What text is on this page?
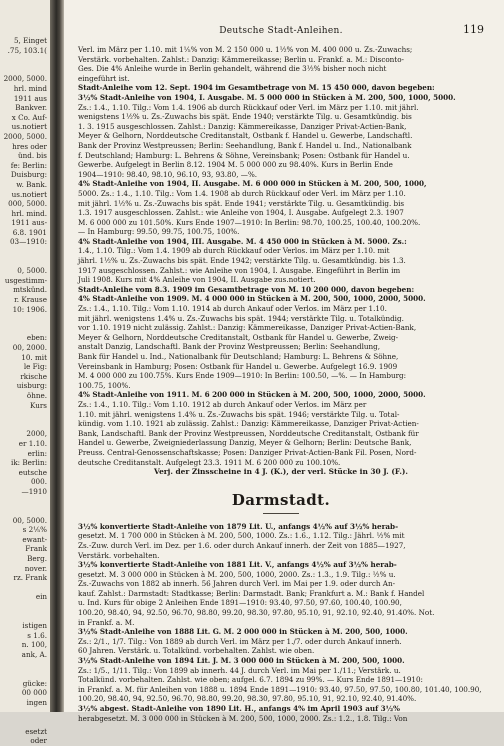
5, Einget
.75, 103.1(

2000, 5000.
hrl. mind
1911 aus
Bankver.
x Co. Auf-
us.notiert
2000, 5000.
hres oder
ünd. bis
fe: Berlin:
Duisburg:
w. Bank.
us.notiert
000, 5000.
hrl. mind.
1911 aus-
6.8. 1901
03—1910:

0, 5000.
usgestimm-
mtskünd.
r. Krause
10: 1906.

eben:
00, 2000.
10. mit
le Fig:
rkische
uisburg:
öhne.
Kurs

2000,
er 1.10.
erlin:
ik: Berlin:
eutsche
000.
—1910

00, 5000.
s 2⅕%
ewant-
Frank
Berg.
nover.
rz. Frank

ein

istigen
s 1.6.
n. 100,
ank, A.

gücke:
00 000
ingen

esetzt
oder
Deutsche Stadt-Anleihen.	119
Verl. im März per 1.10. mit 1⅕% von M. 2 150 000 u. 1½% von M. 400 000 u. Zs.-Zuwachs;
Verstärk. vorbehalten. Zahlst.: Danzig: Kämmereikasse; Berlin u. Frankf. a. M.: Disconto-
Ges. Die 4% Anleihe wurde in Berlin gehandelt, während die 3½% bisher noch nicht
eingeführt ist.
Stadt-Anleihe vom 12. Sept. 1904 im Gesamtbetrage von M. 15 450 000, davon begeben:
3½% Stadt-Anleihe von 1904, I. Ausgabe. M. 5 000 000 in Stücken à M. 200, 500, 1000, 5000.
Zs.: 1.4., 1.10. Tilg.: Vom 1.4. 1906 ab durch Rückkauf oder Verl. im März per 1.10. mit jährl.
wenigstens 1½% u. Zs.-Zuwachs bis spät. Ende 1940; verstärkte Tilg. u. Gesamtkündig. bis
1. 3. 1915 ausgeschlossen. Zahlst.: Danzig: Kämmereikasse, Danziger Privat-Actien-Bank,
Meyer & Gelhorn, Norddeutsche Creditanstalt, Ostbank f. Handel u. Gewerbe, Landschaftl.
Bank der Provinz Westpreussen; Berlin: Seehandlung, Bank f. Handel u. Ind., Nationalbank
f. Deutschland; Hamburg: L. Behrens & Söhne, Vereinsbank; Posen: Ostbank für Handel u.
Gewerbe. Aufgelegt in Berlin 8.12. 1904 M. 5 000 000 zu 98.40%. Kurs in Berlin Ende
1904—1910: 98.40, 98.10, 96.10, 93, 93.80, —%.
4% Stadt-Anleihe von 1904, II. Ausgabe. M. 6 000 000 in Stücken à M. 200, 500, 1000,
5000. Zs.: 1.4., 1.10. Tilg.: Vom 1.4. 1908 ab durch Rückkauf oder Verl. im März per 1.10.
mit jährl. 1½% u. Zs.-Zuwachs bis spät. Ende 1941; verstärkte Tilg. u. Gesamtkündig. bis
1.3. 1917 ausgeschlossen. Zahlst.: wie Anleihe von 1904, I. Ausgabe. Aufgelegt 2.3. 1907
M. 6 000 000 zu 101.50%. Kurs Ende 1907—1910: In Berlin: 98.70, 100.25, 100.40, 100.20%.
— In Hamburg: 99.50, 99.75, 100.75, 100%.
4% Stadt-Anleihe von 1904, III. Ausgabe. M. 4 450 000 in Stücken à M. 5000. Zs.:
1.4., 1.10. Tilg.: Vom 1.4. 1909 ab durch Rückkauf oder Verlos. im März per 1.10. mit
jährl. 1½% u. Zs.-Zuwachs bis spät. Ende 1942; verstärkte Tilg. u. Gesamtkündig. bis 1.3.
1917 ausgeschlossen. Zahlst.: wie Anleihe von 1904, I. Ausgabe. Eingeführt in Berlin im
Juli 1908. Kurs mit 4% Anleihe von 1904, II. Ausgabe zus.notiert.
Stadt-Anleihe vom 8.3. 1909 im Gesamtbetrage von M. 10 200 000, davon begeben:
4% Stadt-Anleihe von 1909. M. 4 000 000 in Stücken à M. 200, 500, 1000, 2000, 5000.
Zs.: 1.4., 1.10. Tilg.: Vom 1.10. 1914 ab durch Ankauf oder Verlos. im März per 1.10.
mit jährl. wenigstens 1.4% u. Zs.-Zuwachs bis spät. 1944; verstärkte Tilg. u. Totalkündig.
vor 1.10. 1919 nicht zulässig. Zahlst.: Danzig: Kämmereikasse, Danziger Privat-Actien-Bank,
Meyer & Gelhorn, Norddeutsche Creditanstalt, Ostbank für Handel u. Gewerbe, Zweig-
anstalt Danzig, Landschaftl. Bank der Provinz Westpreussen; Berlin: Seehandlung,
Bank für Handel u. Ind., Nationalbank für Deutschland; Hamburg: L. Behrens & Söhne,
Vereinsbank in Hamburg; Posen: Ostbank für Handel u. Gewerbe. Aufgelegt 16.9. 1909
M. 4 000 000 zu 100.75%. Kurs Ende 1909—1910: In Berlin: 100.50, —%. — In Hamburg:
100.75, 100%.
4% Stadt-Anleihe von 1911. M. 6 200 000 in Stücken à M. 200, 500, 1000, 2000, 5000.
Zs.: 1.4., 1.10. Tilg.: Vom 1.10. 1912 ab durch Ankauf oder Verlos. im März per
1.10. mit jährl. wenigstens 1.4% u. Zs.-Zuwachs bis spät. 1946; verstärkte Tilg. u. Total-
kündig. vom 1.10. 1921 ab zulässig. Zahlst.: Danzig: Kämmereikasse, Danziger Privat-Actien-
Bank, Landschaftl. Bank der Provinz Westpreussen, Norddeutsche Creditanstalt, Ostbank für
Handel u. Gewerbe, Zweigniederlassung Danzig, Meyer & Gelhorn; Berlin: Deutsche Bank,
Preuss. Central-Genossenschaftskasse; Posen: Danziger Privat-Actien-Bank Fil. Posen, Nord-
deutsche Creditanstalt. Aufgelegt 23.3. 1911 M. 6 200 000 zu 100.10%.
Verj. der Zinsscheine in 4 J. (K.), der verl. Stücke in 30 J. (F.).
Darmstadt.
3½% konvertierte Stadt-Anleihe von 1879 Lit. U., anfangs 4½% auf 3½% herab-
gesetzt. M. 1 700 000 in Stücken à M. 200, 500, 1000. Zs.: 1.6., 1.12. Tilg.: Jährl. ½% mit
Zs.-Zuw. durch Verl. im Dez. per 1.6. oder durch Ankauf innerh. der Zeit von 1885—1927,
Verstärk. vorbehalten.
3½% konvertierte Stadt-Anleihe von 1881 Lit. V., anfangs 4½% auf 3½% herab-
gesetzt. M. 3 000 000 in Stücken à M. 200, 500, 1000, 2000. Zs.: 1.3., 1.9. Tilg.: ½% u.
Zs.-Zuwachs von 1882 ab innerh. 56 Jahren durch Verl. im Mai per 1.9. oder durch An-
kauf. Zahlst.: Darmstadt: Stadtkasse; Berlin: Darmstadt. Bank; Frankfurt a. M.: Bank f. Handel
u. Ind. Kurs für obige 2 Anleihen Ende 1891—1910: 93.40, 97.50, 97.60, 100.40, 100.90,
100.20, 98.40, 94, 92.50, 96.70, 98.80, 99.20, 98.30, 97.80, 95.10, 91, 92.10, 92.40, 91.40%. Not.
in Frankf. a. M.
3½% Stadt-Anleihe von 1888 Lit. G. M. 2 000 000 in Stücken à M. 200, 500, 1000.
Zs.: 2/1., 1/7. Tilg.: Von 1889 ab durch Verl. im März per 1./7. oder durch Ankauf innerh.
60 Jahren. Verstärk. u. Totalkünd. vorbehalten. Zahlst. wie oben.
3½% Stadt-Anleihe von 1894 Lit. J. M. 3 000 000 in Stücken à M. 200, 500, 1000.
Zs.: 1/5., 1/11. Tilg.: Von 1899 ab innerh. 44 J. durch Verl. im Mai per 1./11.; Verstärk. u.
Totalkünd. vorbehalten. Zahlst. wie oben; aufgel. 6.7. 1894 zu 99%. — Kurs Ende 1891—1910:
in Frankf. a. M. für Anleihen von 1888 u. 1894 Ende 1891—1910: 93.40, 97.50, 97.50, 100.80, 101.40, 100.90,
100.20, 98.40, 94, 92.50, 96.70, 98.80, 99.20, 98.30, 97.80, 95.10, 91, 92.10, 92.40, 91.40%.
3½% abgest. Stadt-Anleihe von 1890 Lit. H., anfangs 4% im April 1903 auf 3½%
herabgesetzt. M. 3 000 000 in Stücken à M. 200, 500, 1000, 2000. Zs.: 1.2., 1.8. Tilg.: Von
